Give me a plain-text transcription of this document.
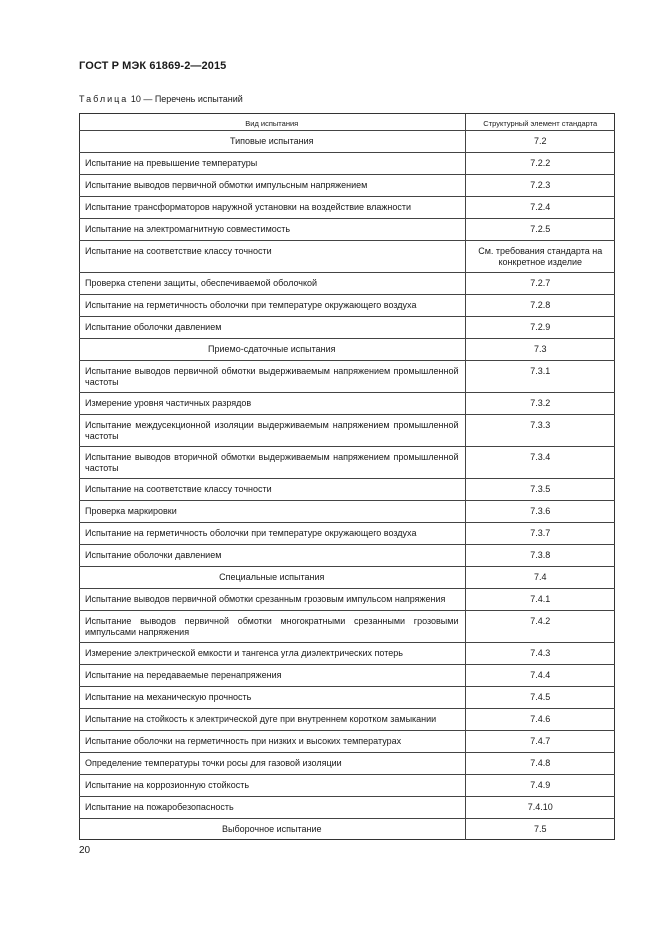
ГОСТ Р МЭК 61869-2—2015
Таблица 10 — Перечень испытаний
Вид испытания	Структурный элемент стандарта
Типовые испытания	7.2
Испытание на превышение температуры	7.2.2
Испытание выводов первичной обмотки импульсным напряжением	7.2.3
Испытание трансформаторов наружной установки на воздействие влажности	7.2.4
Испытание на электромагнитную совместимость	7.2.5
Испытание на соответствие классу точности	См. требования стандарта на конкретное изделие
Проверка степени защиты, обеспечиваемой оболочкой	7.2.7
Испытание на герметичность оболочки при температуре окружающего воздуха	7.2.8
Испытание оболочки давлением	7.2.9
Приемо-сдаточные испытания	7.3
Испытание выводов первичной обмотки выдерживаемым напряжением промышленной частоты	7.3.1
Измерение уровня частичных разрядов	7.3.2
Испытание междусекционной изоляции выдерживаемым напряжением промышленной частоты	7.3.3
Испытание выводов вторичной обмотки выдерживаемым напряжением промышленной частоты	7.3.4
Испытание на соответствие классу точности	7.3.5
Проверка маркировки	7.3.6
Испытание на герметичность оболочки при температуре окружающего воздуха	7.3.7
Испытание оболочки давлением	7.3.8
Специальные испытания	7.4
Испытание выводов первичной обмотки срезанным грозовым импульсом напряжения	7.4.1
Испытание выводов первичной обмотки многократными срезанными грозовыми импульсами напряжения	7.4.2
Измерение электрической емкости и тангенса угла диэлектрических потерь	7.4.3
Испытание на передаваемые перенапряжения	7.4.4
Испытание на механическую прочность	7.4.5
Испытание на стойкость к электрической дуге при внутреннем коротком замыкании	7.4.6
Испытание оболочки на герметичность при низких и высоких температурах	7.4.7
Определение температуры точки росы для газовой изоляции	7.4.8
Испытание на коррозионную стойкость	7.4.9
Испытание на пожаробезопасность	7.4.10
Выборочное испытание	7.5
20
